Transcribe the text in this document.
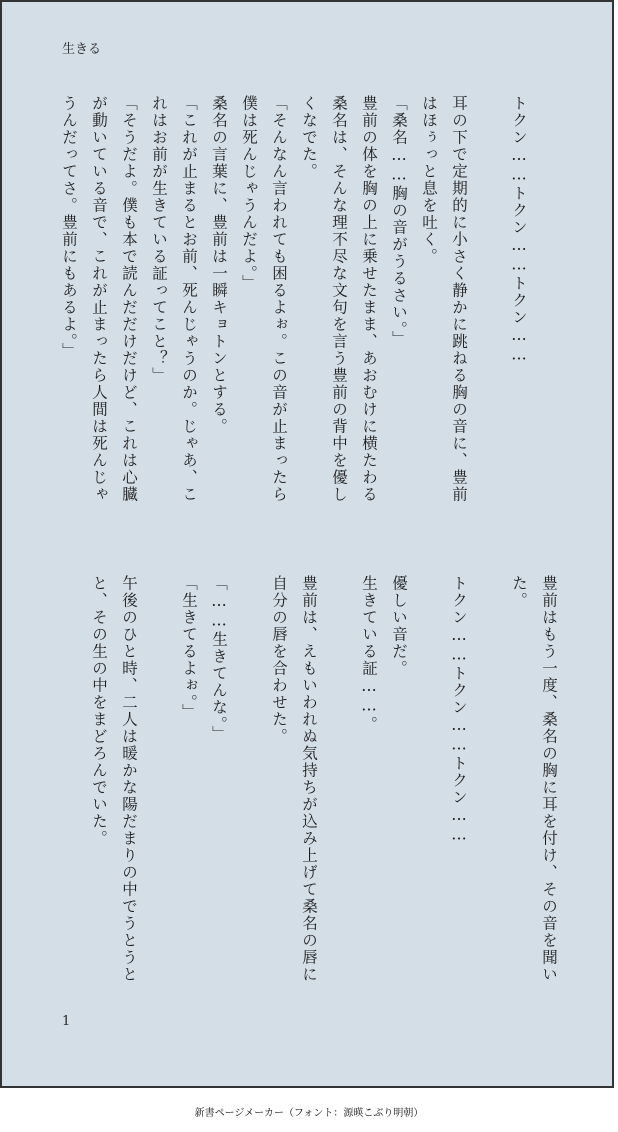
生きる
トクン……トクン……トクン……
耳の下で定期的に小さく静かに跳ねる胸の音に、豊前
はほぅっと息を吐く。
「桑名……胸の音がうるさい。」
豊前の体を胸の上に乗せたまま、あおむけに横たわる
桑名は、そんな理不尽な文句を言う豊前の背中を優し
くなでた。
「そんなん言われても困るよぉ。この音が止まったら
僕は死んじゃうんだよ。」
桑名の言葉に、豊前は一瞬キョトンとする。
「これが止まるとお前、死んじゃうのか。じゃあ、こ
れはお前が生きている証ってこと？」
「そうだよ。僕も本で読んだだけだけど、これは心臓
が動いている音で、これが止まったら人間は死んじゃ
うんだってさ。豊前にもあるよ。」
豊前はもう一度、桑名の胸に耳を付け、その音を聞い
た。
トクン……トクン……トクン……
優しい音だ。
生きている証……。
豊前は、えもいわれぬ気持ちが込み上げて桑名の唇に
自分の唇を合わせた。
「……生きてんな。」
「生きてるよぉ。」
午後のひと時、二人は暖かな陽だまりの中でうとうと
と、その生の中をまどろんでいた。
1
新書ページメーカー（フォント：源暎こぶり明朝）
